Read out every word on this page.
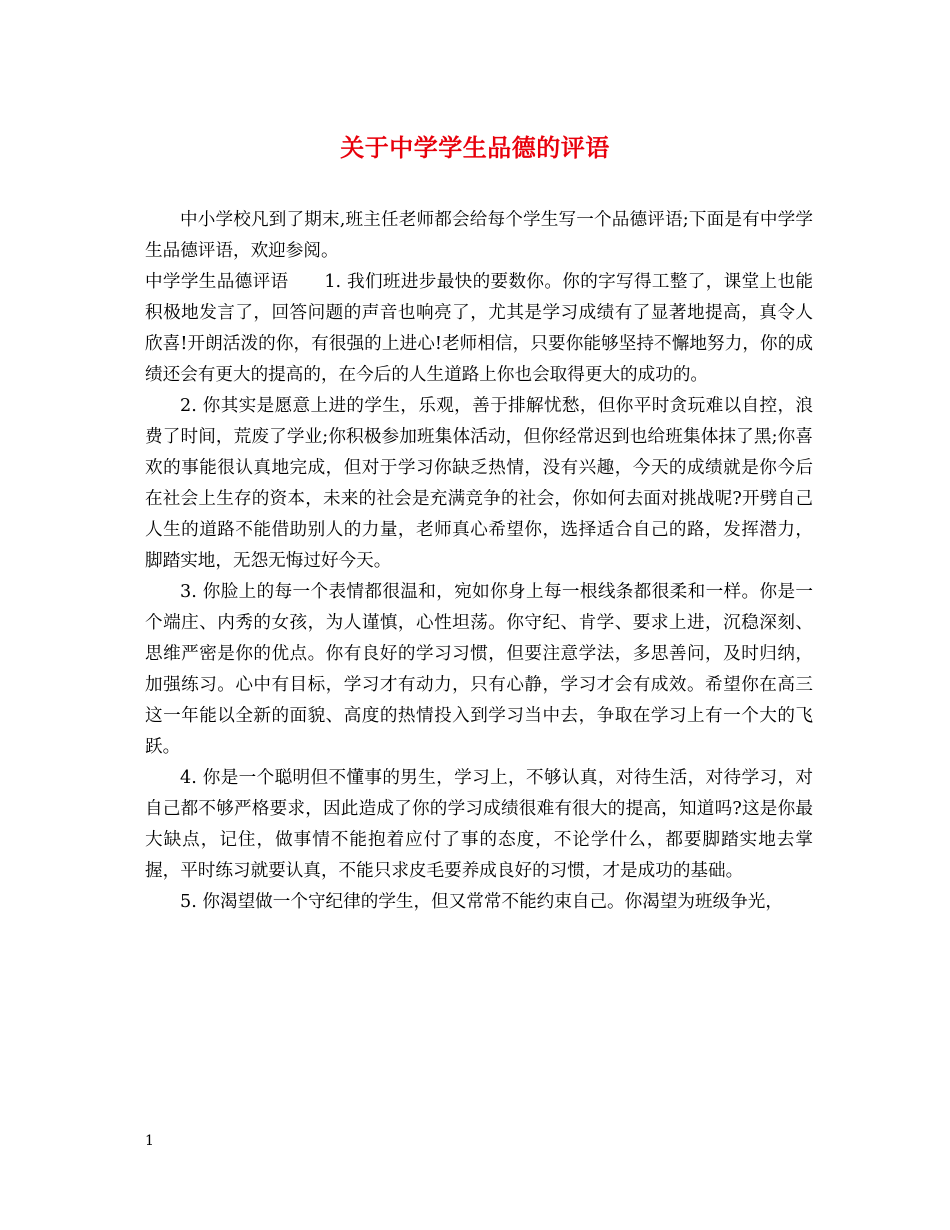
关于中学学生品德的评语

中小学校凡到了期末,班主任老师都会给每个学生写一个品德评语;下面是有中学学生品德评语，欢迎参阅。

中学学生品德评语　　1. 我们班进步最快的要数你。你的字写得工整了，课堂上也能积极地发言了，回答问题的声音也响亮了，尤其是学习成绩有了显著地提高，真令人欣喜!开朗活泼的你，有很强的上进心!老师相信，只要你能够坚持不懈地努力，你的成绩还会有更大的提高的，在今后的人生道路上你也会取得更大的成功的。

2. 你其实是愿意上进的学生，乐观，善于排解忧愁，但你平时贪玩难以自控，浪费了时间，荒废了学业;你积极参加班集体活动，但你经常迟到也给班集体抹了黑;你喜欢的事能很认真地完成，但对于学习你缺乏热情，没有兴趣，今天的成绩就是你今后在社会上生存的资本，未来的社会是充满竞争的社会，你如何去面对挑战呢?开劈自己人生的道路不能借助别人的力量，老师真心希望你，选择适合自己的路，发挥潜力，脚踏实地，无怨无悔过好今天。

3. 你脸上的每一个表情都很温和，宛如你身上每一根线条都很柔和一样。你是一个端庄、内秀的女孩，为人谨慎，心性坦荡。你守纪、肯学、要求上进，沉稳深刻、思维严密是你的优点。你有良好的学习习惯，但要注意学法，多思善问，及时归纳，加强练习。心中有目标，学习才有动力，只有心静，学习才会有成效。希望你在高三这一年能以全新的面貌、高度的热情投入到学习当中去，争取在学习上有一个大的飞跃。

4. 你是一个聪明但不懂事的男生，学习上，不够认真，对待生活，对待学习，对自己都不够严格要求，因此造成了你的学习成绩很难有很大的提高，知道吗?这是你最大缺点，记住，做事情不能抱着应付了事的态度，不论学什么，都要脚踏实地去掌握，平时练习就要认真，不能只求皮毛要养成良好的习惯，才是成功的基础。

5. 你渴望做一个守纪律的学生，但又常常不能约束自己。你渴望为班级争光，

1
